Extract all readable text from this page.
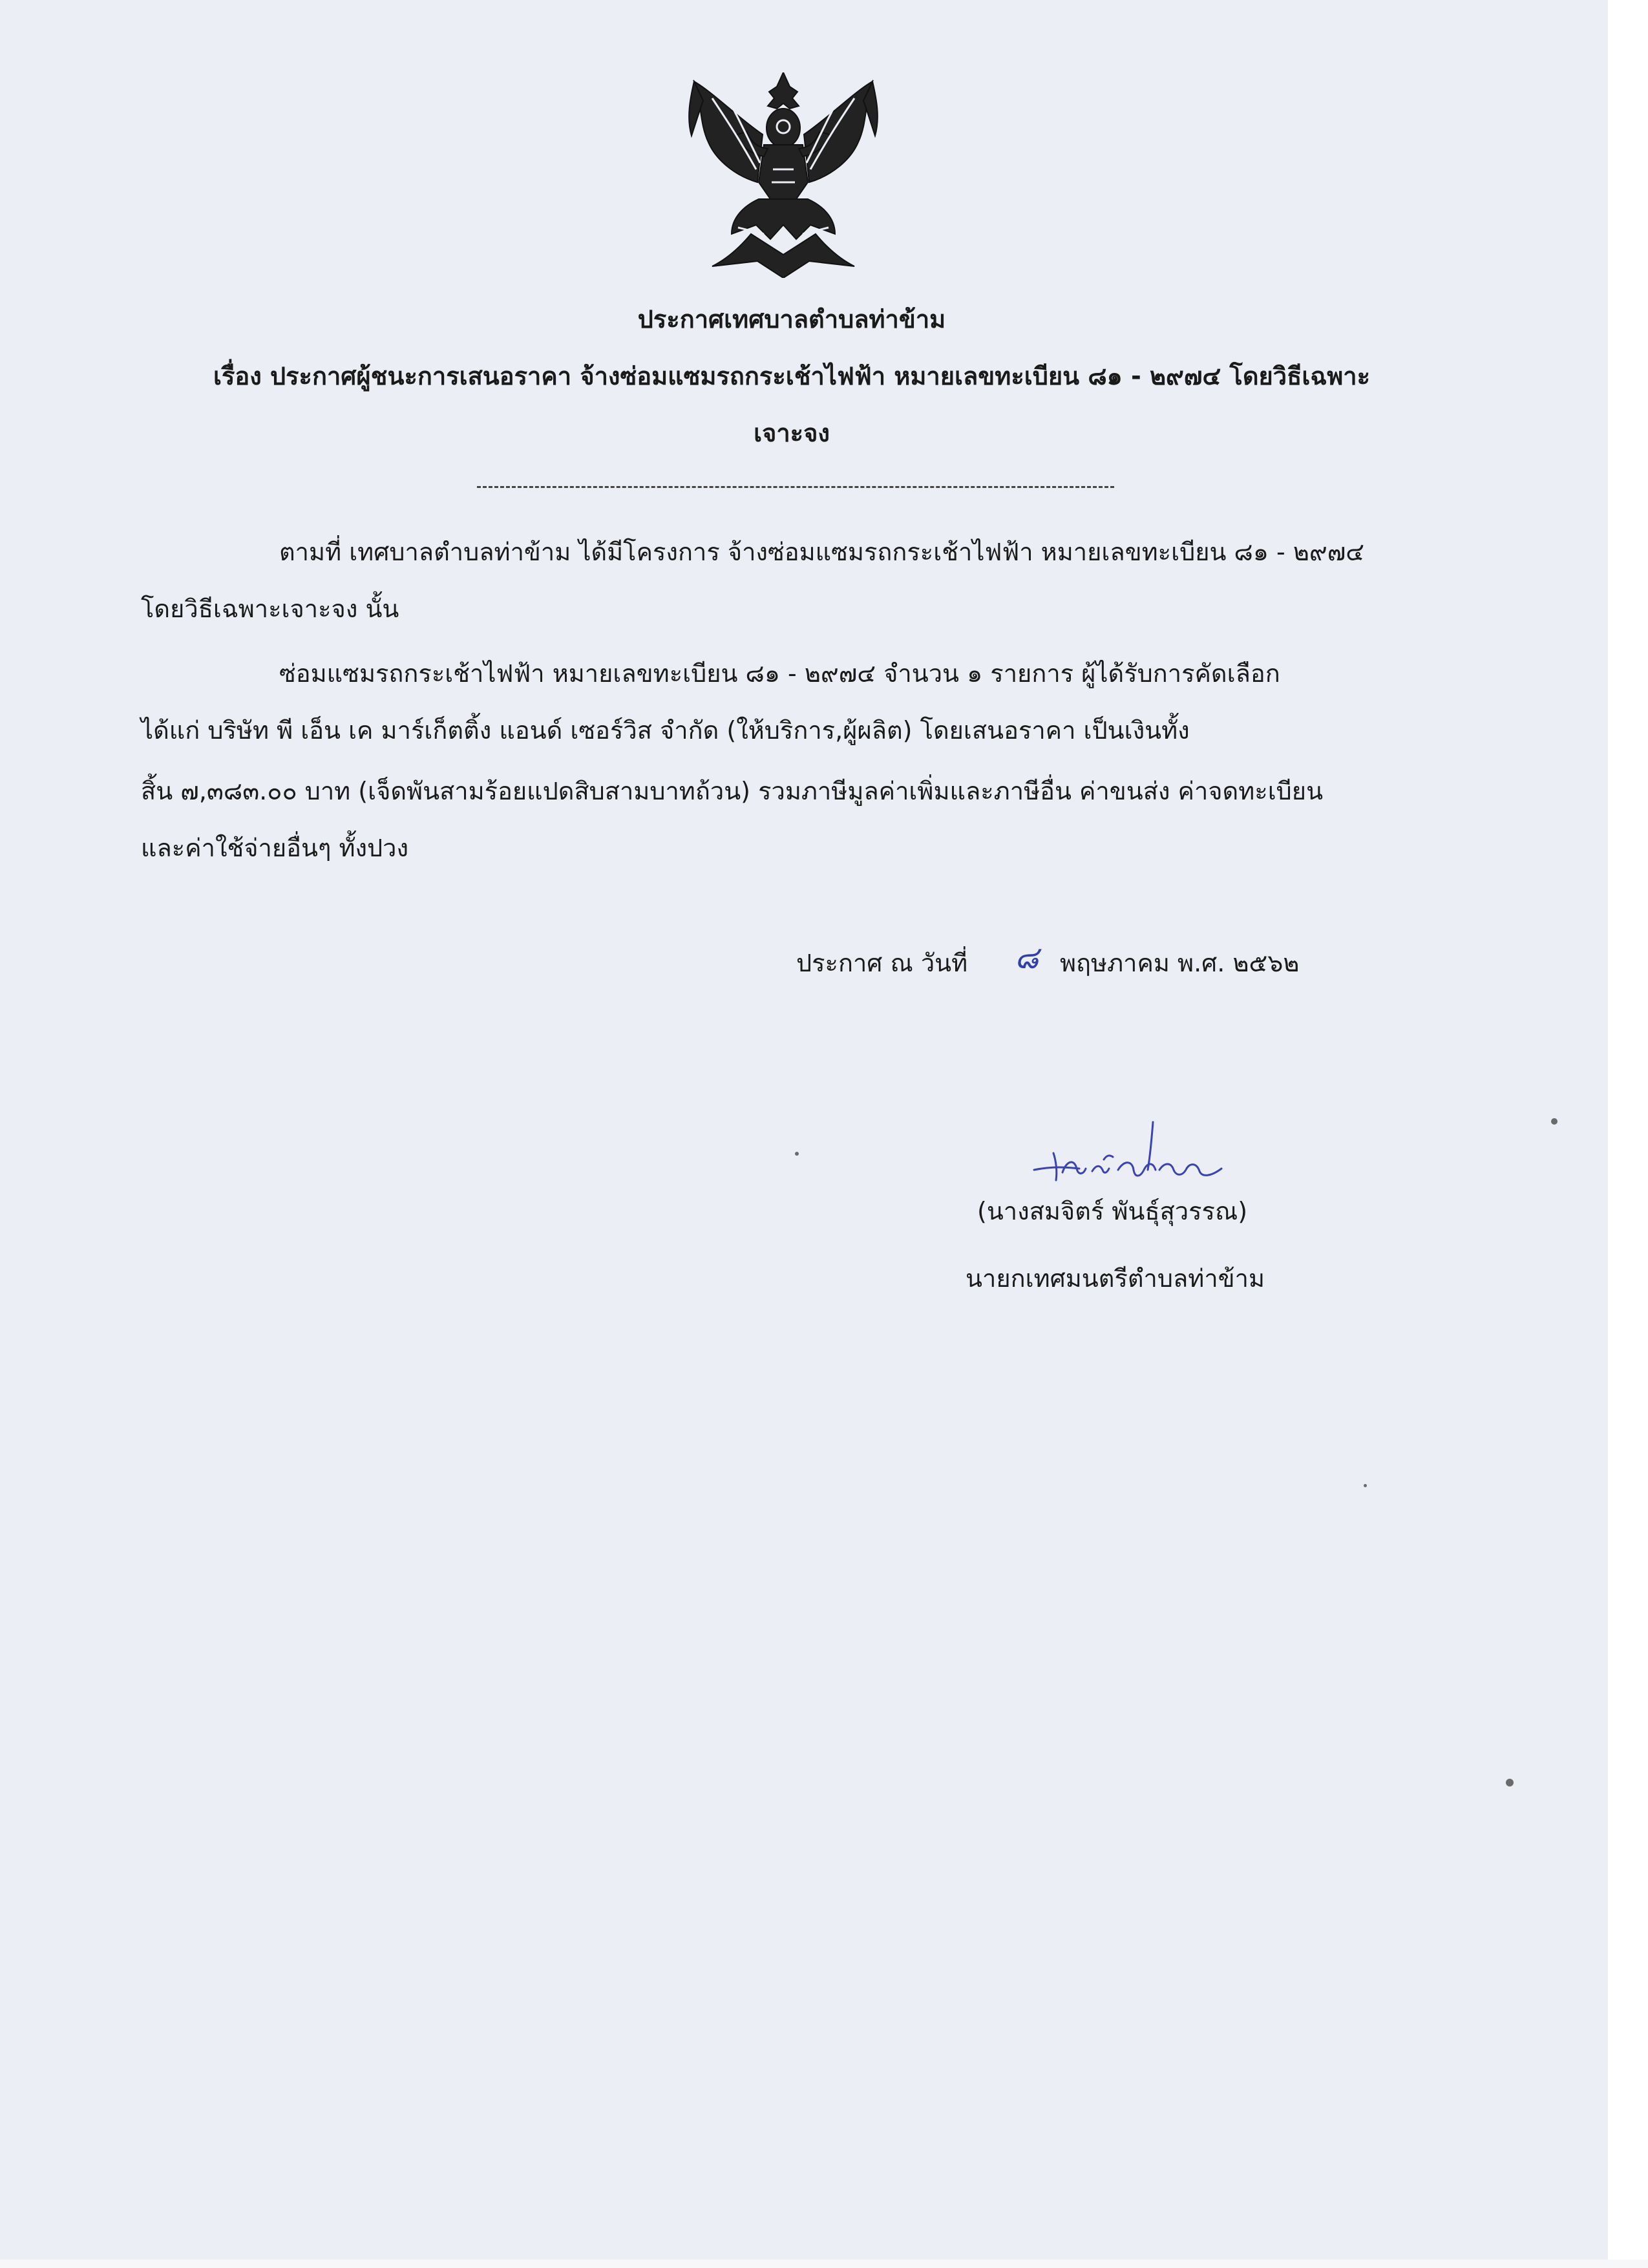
ประกาศเทศบาลตำบลท่าข้าม
เรื่อง ประกาศผู้ชนะการเสนอราคา จ้างซ่อมแซมรถกระเช้าไฟฟ้า หมายเลขทะเบียน ๘๑ - ๒๙๗๔ โดยวิธีเฉพาะ
เจาะจง
ตามที่ เทศบาลตำบลท่าข้าม ได้มีโครงการ จ้างซ่อมแซมรถกระเช้าไฟฟ้า หมายเลขทะเบียน ๘๑ - ๒๙๗๔
โดยวิธีเฉพาะเจาะจง นั้น
ซ่อมแซมรถกระเช้าไฟฟ้า หมายเลขทะเบียน ๘๑ - ๒๙๗๔ จำนวน ๑ รายการ ผู้ได้รับการคัดเลือก
ได้แก่ บริษัท พี เอ็น เค มาร์เก็ตติ้ง แอนด์ เซอร์วิส จำกัด (ให้บริการ,ผู้ผลิต) โดยเสนอราคา เป็นเงินทั้ง
สิ้น ๗,๓๘๓.๐๐ บาท (เจ็ดพันสามร้อยแปดสิบสามบาทถ้วน) รวมภาษีมูลค่าเพิ่มและภาษีอื่น ค่าขนส่ง ค่าจดทะเบียน
และค่าใช้จ่ายอื่นๆ ทั้งปวง
ประกาศ ณ วันที่ ๘ พฤษภาคม พ.ศ. ๒๕๖๒
(นางสมจิตร์ พันธุ์สุวรรณ)
นายกเทศมนตรีตำบลท่าข้าม
